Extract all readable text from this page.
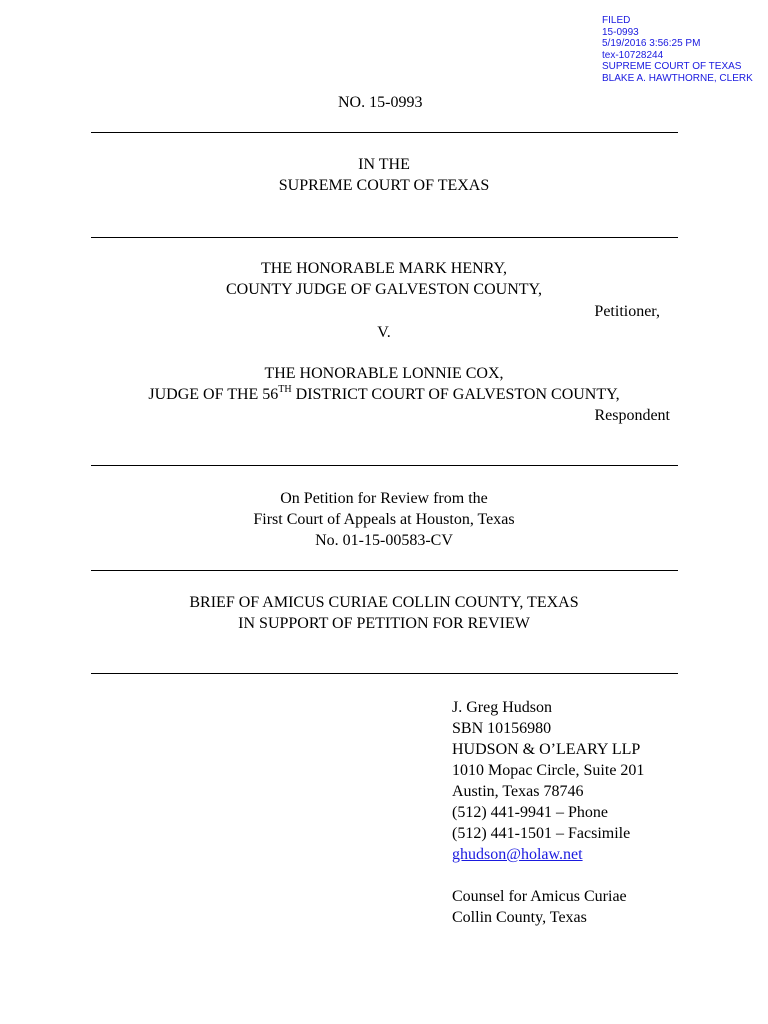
FILED
15-0993
5/19/2016 3:56:25 PM
tex-10728244
SUPREME COURT OF TEXAS
BLAKE A. HAWTHORNE, CLERK
NO. 15-0993
IN THE
SUPREME COURT OF TEXAS
THE HONORABLE MARK HENRY,
COUNTY JUDGE OF GALVESTON COUNTY,
Petitioner,
V.
THE HONORABLE LONNIE COX,
JUDGE OF THE 56TH DISTRICT COURT OF GALVESTON COUNTY,
Respondent
On Petition for Review from the
First Court of Appeals at Houston, Texas
No. 01-15-00583-CV
BRIEF OF AMICUS CURIAE COLLIN COUNTY, TEXAS
IN SUPPORT OF PETITION FOR REVIEW
J. Greg Hudson
SBN 10156980
HUDSON & O’LEARY LLP
1010 Mopac Circle, Suite 201
Austin, Texas 78746
(512) 441-9941 – Phone
(512) 441-1501 – Facsimile
ghudson@holaw.net
Counsel for Amicus Curiae
Collin County, Texas
